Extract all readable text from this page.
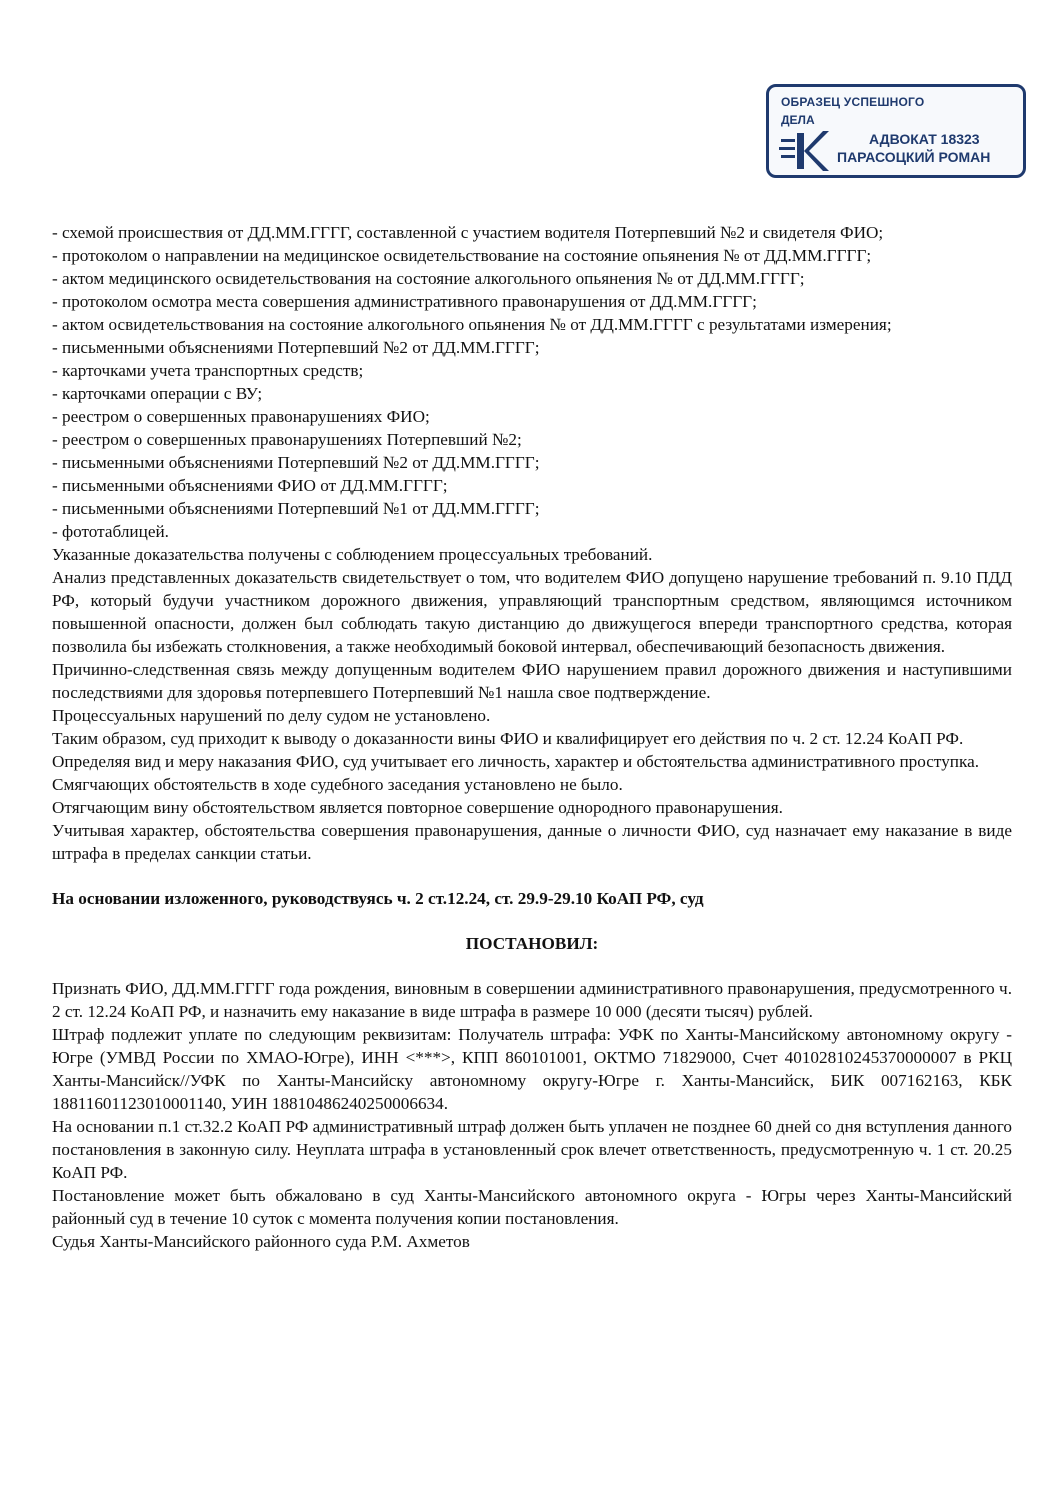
ОБРАЗЕЦ УСПЕШНОГО
ДЕЛА
АДВОКАТ 18323
ПАРАСОЦКИЙ РОМАН
- схемой происшествия от ДД.ММ.ГГГГ, составленной с участием водителя Потерпевший №2 и свидетеля ФИО;
- протоколом о направлении на медицинское освидетельствование на состояние опьянения № от ДД.ММ.ГГГГ;
- актом медицинского освидетельствования на состояние алкогольного опьянения № от ДД.ММ.ГГГГ;
- протоколом осмотра места совершения административного правонарушения от ДД.ММ.ГГГГ;
- актом освидетельствования на состояние алкогольного опьянения № от ДД.ММ.ГГГГ с результатами измерения;
- письменными объяснениями Потерпевший №2 от ДД.ММ.ГГГГ;
- карточками учета транспортных средств;
- карточками операции с ВУ;
- реестром о совершенных правонарушениях ФИО;
- реестром о совершенных правонарушениях Потерпевший №2;
- письменными объяснениями Потерпевший №2 от ДД.ММ.ГГГГ;
- письменными объяснениями ФИО от ДД.ММ.ГГГГ;
- письменными объяснениями Потерпевший №1 от ДД.ММ.ГГГГ;
- фототаблицей.

Указанные доказательства получены с соблюдением процессуальных требований.

Анализ представленных доказательств свидетельствует о том, что водителем ФИО допущено нарушение требований п. 9.10 ПДД РФ, который будучи участником дорожного движения, управляющий транспортным средством, являющимся источником повышенной опасности, должен был соблюдать такую дистанцию до движущегося впереди транспортного средства, которая позволила бы избежать столкновения, а также необходимый боковой интервал, обеспечивающий безопасность движения.

Причинно-следственная связь между допущенным водителем ФИО нарушением правил дорожного движения и наступившими последствиями для здоровья потерпевшего Потерпевший №1 нашла свое подтверждение.

Процессуальных нарушений по делу судом не установлено.

Таким образом, суд приходит к выводу о доказанности вины ФИО и квалифицирует его действия по ч. 2 ст. 12.24 КоАП РФ.

Определяя вид и меру наказания ФИО, суд учитывает его личность, характер и обстоятельства административного проступка.

Смягчающих обстоятельств в ходе судебного заседания установлено не было.

Отягчающим вину обстоятельством является повторное совершение однородного правонарушения.

Учитывая характер, обстоятельства совершения правонарушения, данные о личности ФИО, суд назначает ему наказание в виде штрафа в пределах санкции статьи.

На основании изложенного, руководствуясь ч. 2 ст.12.24, ст. 29.9-29.10 КоАП РФ, суд

ПОСТАНОВИЛ:

Признать ФИО, ДД.ММ.ГГГГ года рождения, виновным в совершении административного правонарушения, предусмотренного ч. 2 ст. 12.24 КоАП РФ, и назначить ему наказание в виде штрафа в размере 10 000 (десяти тысяч) рублей.

Штраф подлежит уплате по следующим реквизитам: Получатель штрафа: УФК по Ханты-Мансийскому автономному округу - Югре (УМВД России по ХМАО-Югре), ИНН <***>, КПП 860101001, ОКТМО 71829000, Счет 40102810245370000007 в РКЦ Ханты-Мансийск//УФК по Ханты-Мансийску автономному округу-Югре г. Ханты-Мансийск, БИК 007162163, КБК 18811601123010001140, УИН 18810486240250006634.

На основании п.1 ст.32.2 КоАП РФ административный штраф должен быть уплачен не позднее 60 дней со дня вступления данного постановления в законную силу. Неуплата штрафа в установленный срок влечет ответственность, предусмотренную ч. 1 ст. 20.25 КоАП РФ.

Постановление может быть обжаловано в суд Ханты-Мансийского автономного округа - Югры через Ханты-Мансийский районный суд в течение 10 суток с момента получения копии постановления.

Судья Ханты-Мансийского районного суда Р.М. Ахметов
